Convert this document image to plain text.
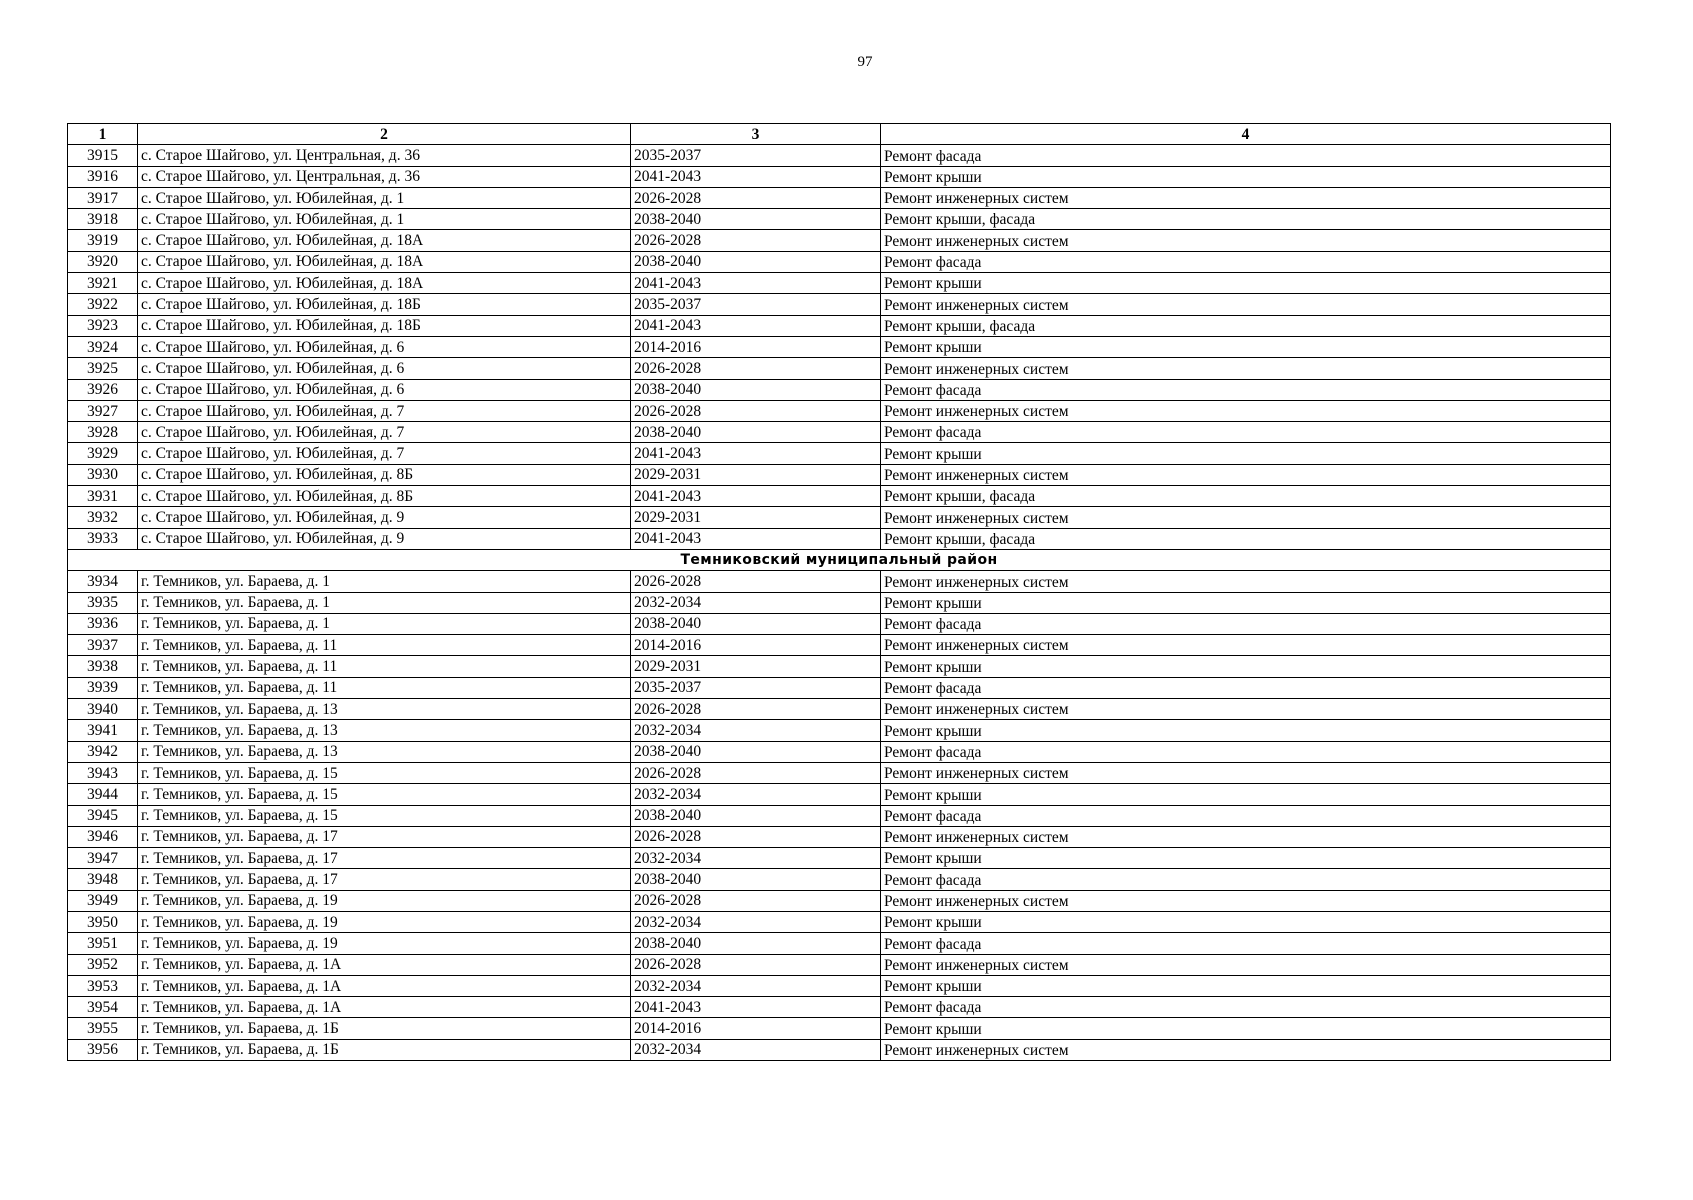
97
1	2	3	4
3915	с. Старое Шайгово, ул. Центральная, д. 36	2035-2037	Ремонт фасада
3916	с. Старое Шайгово, ул. Центральная, д. 36	2041-2043	Ремонт крыши
3917	с. Старое Шайгово, ул. Юбилейная, д. 1	2026-2028	Ремонт инженерных систем
3918	с. Старое Шайгово, ул. Юбилейная, д. 1	2038-2040	Ремонт крыши, фасада
3919	с. Старое Шайгово, ул. Юбилейная, д. 18А	2026-2028	Ремонт инженерных систем
3920	с. Старое Шайгово, ул. Юбилейная, д. 18А	2038-2040	Ремонт фасада
3921	с. Старое Шайгово, ул. Юбилейная, д. 18А	2041-2043	Ремонт крыши
3922	с. Старое Шайгово, ул. Юбилейная, д. 18Б	2035-2037	Ремонт инженерных систем
3923	с. Старое Шайгово, ул. Юбилейная, д. 18Б	2041-2043	Ремонт крыши, фасада
3924	с. Старое Шайгово, ул. Юбилейная, д. 6	2014-2016	Ремонт крыши
3925	с. Старое Шайгово, ул. Юбилейная, д. 6	2026-2028	Ремонт инженерных систем
3926	с. Старое Шайгово, ул. Юбилейная, д. 6	2038-2040	Ремонт фасада
3927	с. Старое Шайгово, ул. Юбилейная, д. 7	2026-2028	Ремонт инженерных систем
3928	с. Старое Шайгово, ул. Юбилейная, д. 7	2038-2040	Ремонт фасада
3929	с. Старое Шайгово, ул. Юбилейная, д. 7	2041-2043	Ремонт крыши
3930	с. Старое Шайгово, ул. Юбилейная, д. 8Б	2029-2031	Ремонт инженерных систем
3931	с. Старое Шайгово, ул. Юбилейная, д. 8Б	2041-2043	Ремонт крыши, фасада
3932	с. Старое Шайгово, ул. Юбилейная, д. 9	2029-2031	Ремонт инженерных систем
3933	с. Старое Шайгово, ул. Юбилейная, д. 9	2041-2043	Ремонт крыши, фасада
Темниковский муниципальный район			
3934	г. Темников, ул. Бараева, д. 1	2026-2028	Ремонт инженерных систем
3935	г. Темников, ул. Бараева, д. 1	2032-2034	Ремонт крыши
3936	г. Темников, ул. Бараева, д. 1	2038-2040	Ремонт фасада
3937	г. Темников, ул. Бараева, д. 11	2014-2016	Ремонт инженерных систем
3938	г. Темников, ул. Бараева, д. 11	2029-2031	Ремонт крыши
3939	г. Темников, ул. Бараева, д. 11	2035-2037	Ремонт фасада
3940	г. Темников, ул. Бараева, д. 13	2026-2028	Ремонт инженерных систем
3941	г. Темников, ул. Бараева, д. 13	2032-2034	Ремонт крыши
3942	г. Темников, ул. Бараева, д. 13	2038-2040	Ремонт фасада
3943	г. Темников, ул. Бараева, д. 15	2026-2028	Ремонт инженерных систем
3944	г. Темников, ул. Бараева, д. 15	2032-2034	Ремонт крыши
3945	г. Темников, ул. Бараева, д. 15	2038-2040	Ремонт фасада
3946	г. Темников, ул. Бараева, д. 17	2026-2028	Ремонт инженерных систем
3947	г. Темников, ул. Бараева, д. 17	2032-2034	Ремонт крыши
3948	г. Темников, ул. Бараева, д. 17	2038-2040	Ремонт фасада
3949	г. Темников, ул. Бараева, д. 19	2026-2028	Ремонт инженерных систем
3950	г. Темников, ул. Бараева, д. 19	2032-2034	Ремонт крыши
3951	г. Темников, ул. Бараева, д. 19	2038-2040	Ремонт фасада
3952	г. Темников, ул. Бараева, д. 1А	2026-2028	Ремонт инженерных систем
3953	г. Темников, ул. Бараева, д. 1А	2032-2034	Ремонт крыши
3954	г. Темников, ул. Бараева, д. 1А	2041-2043	Ремонт фасада
3955	г. Темников, ул. Бараева, д. 1Б	2014-2016	Ремонт крыши
3956	г. Темников, ул. Бараева, д. 1Б	2032-2034	Ремонт инженерных систем
